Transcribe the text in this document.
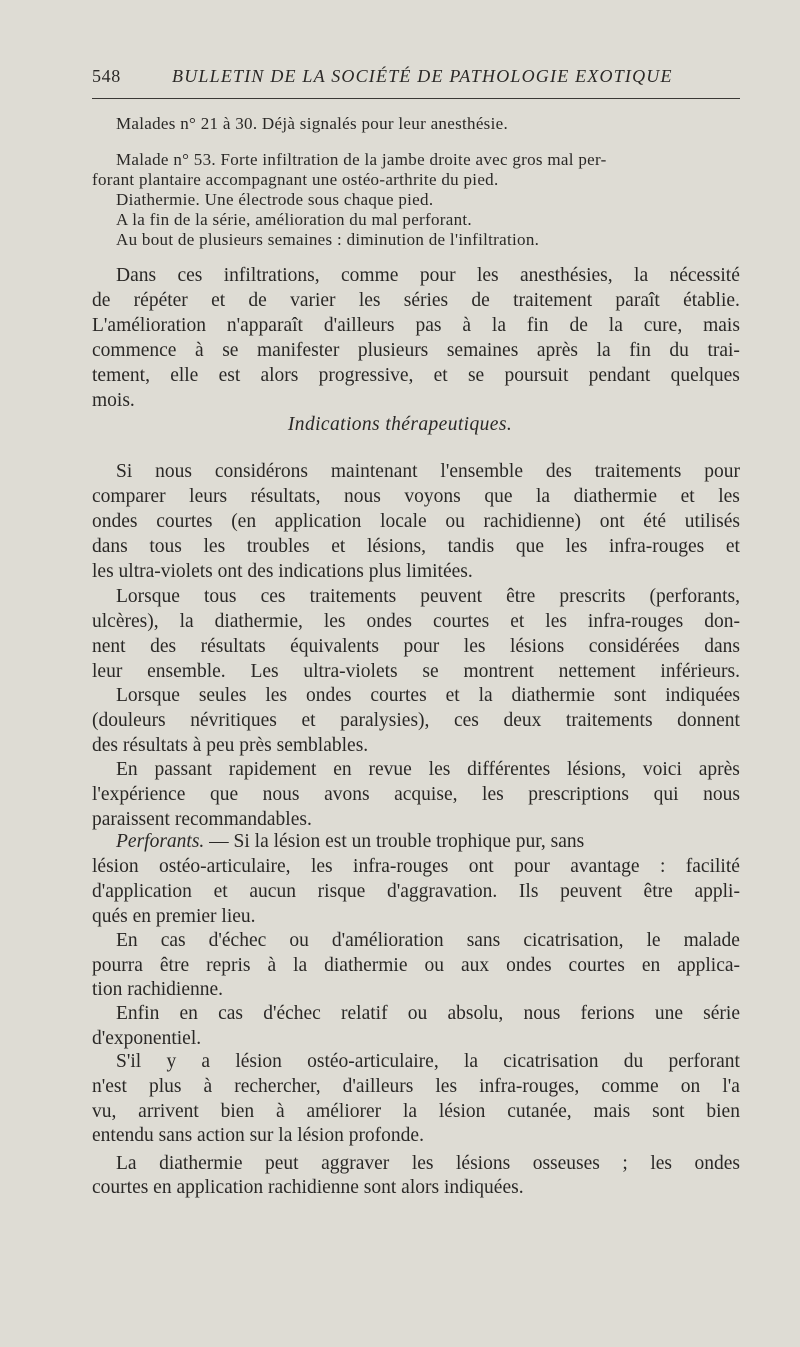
548	BULLETIN DE LA SOCIÉTÉ DE PATHOLOGIE EXOTIQUE

Malades n° 21 à 30. Déjà signalés pour leur anesthésie.

Malade n° 53. Forte infiltration de la jambe droite avec gros mal per-

forant plantaire accompagnant une ostéo-arthrite du pied.

Diathermie. Une électrode sous chaque pied.

A la fin de la série, amélioration du mal perforant.

Au bout de plusieurs semaines : diminution de l'infiltration.

Dans ces infiltrations, comme pour les anesthésies, la nécessité

de répéter et de varier les séries de traitement paraît établie.

L'amélioration n'apparaît d'ailleurs pas à la fin de la cure, mais

commence à se manifester plusieurs semaines après la fin du trai-

tement, elle est alors progressive, et se poursuit pendant quelques

mois.

Indications thérapeutiques.

Si nous considérons maintenant l'ensemble des traitements pour

comparer leurs résultats, nous voyons que la diathermie et les

ondes courtes (en application locale ou rachidienne) ont été utilisés

dans tous les troubles et lésions, tandis que les infra-rouges et

les ultra-violets ont des indications plus limitées.

Lorsque tous ces traitements peuvent être prescrits (perforants,

ulcères), la diathermie, les ondes courtes et les infra-rouges don-

nent des résultats équivalents pour les lésions considérées dans

leur ensemble. Les ultra-violets se montrent nettement inférieurs.

Lorsque seules les ondes courtes et la diathermie sont indiquées

(douleurs névritiques et paralysies), ces deux traitements donnent

des résultats à peu près semblables.

En passant rapidement en revue les différentes lésions, voici après

l'expérience que nous avons acquise, les prescriptions qui nous

paraissent recommandables.

Perforants. — Si la lésion est un trouble trophique pur, sans

lésion ostéo-articulaire, les infra-rouges ont pour avantage : facilité

d'application et aucun risque d'aggravation. Ils peuvent être appli-

qués en premier lieu.

En cas d'échec ou d'amélioration sans cicatrisation, le malade

pourra être repris à la diathermie ou aux ondes courtes en applica-

tion rachidienne.

Enfin en cas d'échec relatif ou absolu, nous ferions une série

d'exponentiel.

S'il y a lésion ostéo-articulaire, la cicatrisation du perforant

n'est plus à rechercher, d'ailleurs les infra-rouges, comme on l'a

vu, arrivent bien à améliorer la lésion cutanée, mais sont bien

entendu sans action sur la lésion profonde.

La diathermie peut aggraver les lésions osseuses ; les ondes

courtes en application rachidienne sont alors indiquées.
